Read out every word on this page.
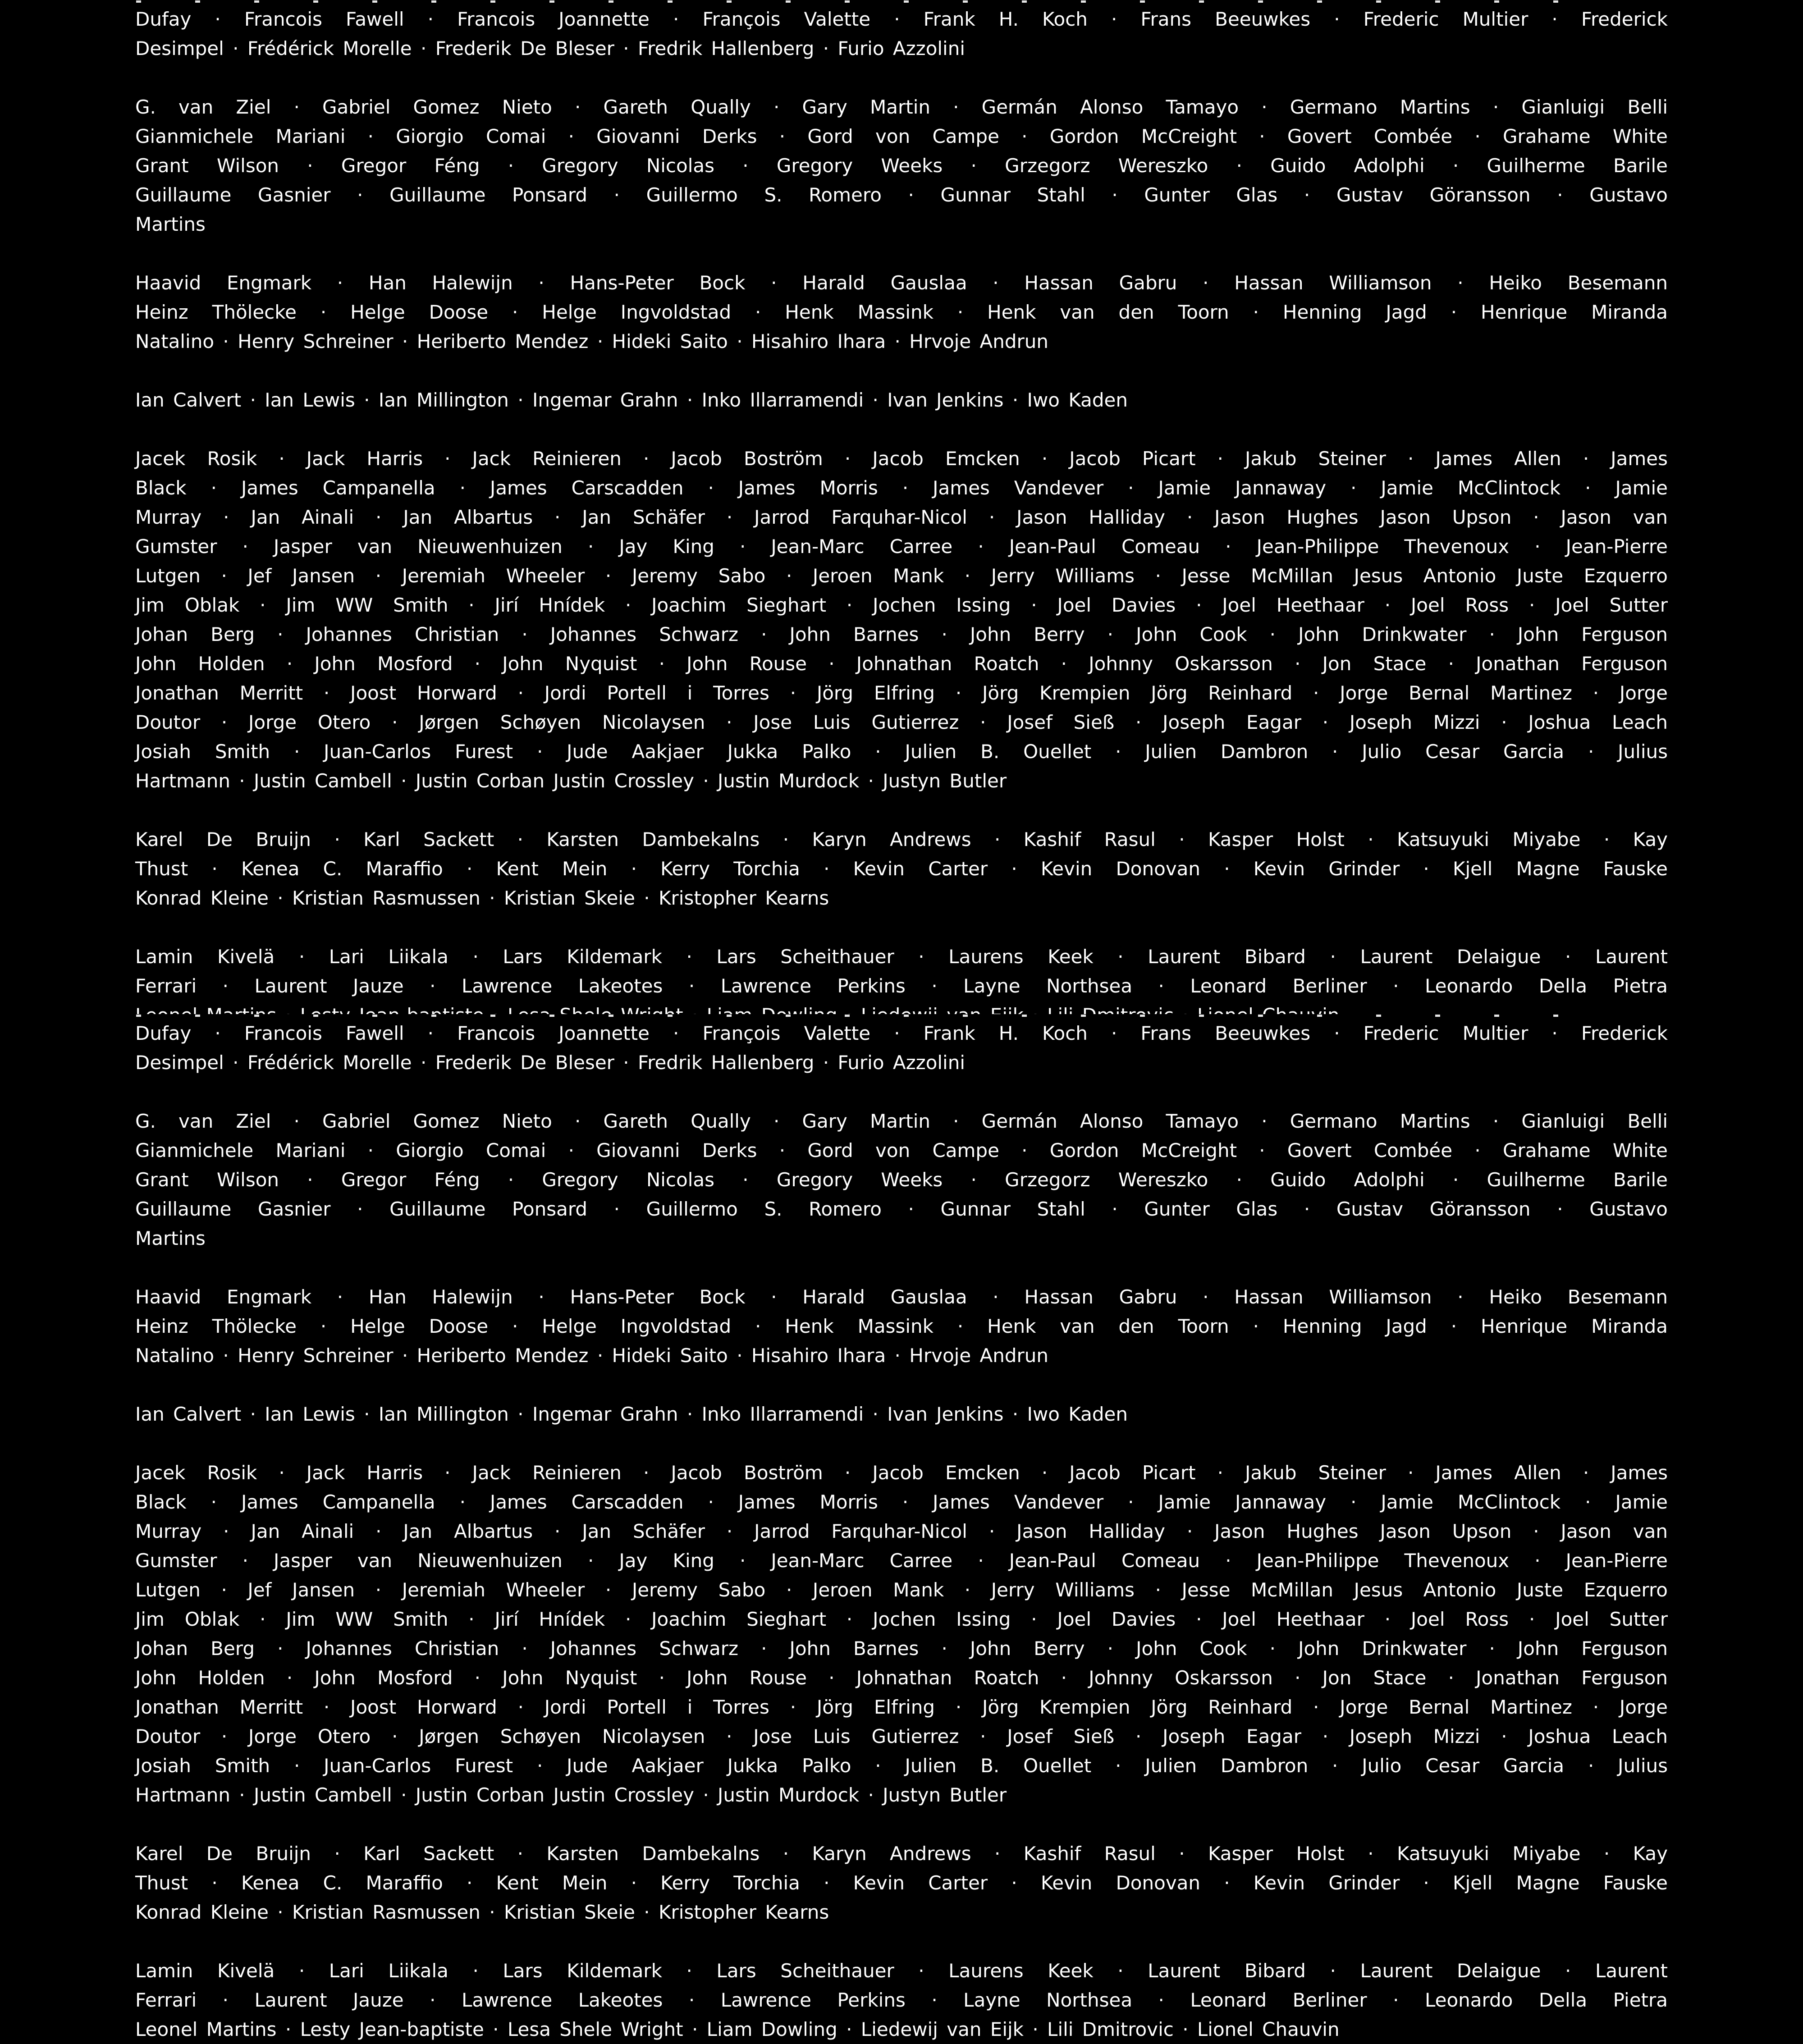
Dufay · Francois Fawell · Francois Joannette · François Valette · Frank H. Koch · Frans Beeuwkes · Frederic Multier · Frederick
Desimpel · Frédérick Morelle · Frederik De Bleser · Fredrik Hallenberg · Furio Azzolini
G. van Ziel · Gabriel Gomez Nieto · Gareth Qually · Gary Martin · Germán Alonso Tamayo · Germano Martins · Gianluigi Belli
Gianmichele Mariani · Giorgio Comai · Giovanni Derks · Gord von Campe · Gordon McCreight · Govert Combée · Grahame White
Grant Wilson · Gregor Féng · Gregory Nicolas · Gregory Weeks · Grzegorz Wereszko · Guido Adolphi · Guilherme Barile
Guillaume Gasnier · Guillaume Ponsard · Guillermo S. Romero · Gunnar Stahl · Gunter Glas · Gustav Göransson · Gustavo
Martins
Haavid Engmark · Han Halewijn · Hans-Peter Bock · Harald Gauslaa · Hassan Gabru · Hassan Williamson · Heiko Besemann
Heinz Thölecke · Helge Doose · Helge Ingvoldstad · Henk Massink · Henk van den Toorn · Henning Jagd · Henrique Miranda
Natalino · Henry Schreiner · Heriberto Mendez · Hideki Saito · Hisahiro Ihara · Hrvoje Andrun
Ian Calvert · Ian Lewis · Ian Millington · Ingemar Grahn · Inko Illarramendi · Ivan Jenkins · Iwo Kaden
Jacek Rosik · Jack Harris · Jack Reinieren · Jacob Boström · Jacob Emcken · Jacob Picart · Jakub Steiner · James Allen · James
Black · James Campanella · James Carscadden · James Morris · James Vandever · Jamie Jannaway · Jamie McClintock · Jamie
Murray · Jan Ainali · Jan Albartus · Jan Schäfer · Jarrod Farquhar-Nicol · Jason Halliday · Jason Hughes Jason Upson · Jason van
Gumster · Jasper van Nieuwenhuizen · Jay King · Jean-Marc Carree · Jean-Paul Comeau · Jean-Philippe Thevenoux · Jean-Pierre
Lutgen · Jef Jansen · Jeremiah Wheeler · Jeremy Sabo · Jeroen Mank · Jerry Williams · Jesse McMillan Jesus Antonio Juste Ezquerro
Jim Oblak · Jim WW Smith · Jirí Hnídek · Joachim Sieghart · Jochen Issing · Joel Davies · Joel Heethaar · Joel Ross · Joel Sutter
Johan Berg · Johannes Christian · Johannes Schwarz · John Barnes · John Berry · John Cook · John Drinkwater · John Ferguson
John Holden · John Mosford · John Nyquist · John Rouse · Johnathan Roatch · Johnny Oskarsson · Jon Stace · Jonathan Ferguson
Jonathan Merritt · Joost Horward · Jordi Portell i Torres · Jörg Elfring · Jörg Krempien Jörg Reinhard · Jorge Bernal Martinez · Jorge
Doutor · Jorge Otero · Jørgen Schøyen Nicolaysen · Jose Luis Gutierrez · Josef Sieß · Joseph Eagar · Joseph Mizzi · Joshua Leach
Josiah Smith · Juan-Carlos Furest · Jude Aakjaer Jukka Palko · Julien B. Ouellet · Julien Dambron · Julio Cesar Garcia · Julius
Hartmann · Justin Cambell · Justin Corban Justin Crossley · Justin Murdock · Justyn Butler
Karel De Bruijn · Karl Sackett · Karsten Dambekalns · Karyn Andrews · Kashif Rasul · Kasper Holst · Katsuyuki Miyabe · Kay
Thust · Kenea C. Maraffio · Kent Mein · Kerry Torchia · Kevin Carter · Kevin Donovan · Kevin Grinder · Kjell Magne Fauske
Konrad Kleine · Kristian Rasmussen · Kristian Skeie · Kristopher Kearns
Lamin Kivelä · Lari Liikala · Lars Kildemark · Lars Scheithauer · Laurens Keek · Laurent Bibard · Laurent Delaigue · Laurent
Ferrari · Laurent Jauze · Lawrence Lakeotes · Lawrence Perkins · Layne Northsea · Leonard Berliner · Leonardo Della Pietra
Dufay · Francois Fawell · Francois Joannette · François Valette · Frank H. Koch · Frans Beeuwkes · Frederic Multier · Frederick
Desimpel · Frédérick Morelle · Frederik De Bleser · Fredrik Hallenberg · Furio Azzolini
G. van Ziel · Gabriel Gomez Nieto · Gareth Qually · Gary Martin · Germán Alonso Tamayo · Germano Martins · Gianluigi Belli
Gianmichele Mariani · Giorgio Comai · Giovanni Derks · Gord von Campe · Gordon McCreight · Govert Combée · Grahame White
Grant Wilson · Gregor Féng · Gregory Nicolas · Gregory Weeks · Grzegorz Wereszko · Guido Adolphi · Guilherme Barile
Guillaume Gasnier · Guillaume Ponsard · Guillermo S. Romero · Gunnar Stahl · Gunter Glas · Gustav Göransson · Gustavo
Martins
Haavid Engmark · Han Halewijn · Hans-Peter Bock · Harald Gauslaa · Hassan Gabru · Hassan Williamson · Heiko Besemann
Heinz Thölecke · Helge Doose · Helge Ingvoldstad · Henk Massink · Henk van den Toorn · Henning Jagd · Henrique Miranda
Natalino · Henry Schreiner · Heriberto Mendez · Hideki Saito · Hisahiro Ihara · Hrvoje Andrun
Ian Calvert · Ian Lewis · Ian Millington · Ingemar Grahn · Inko Illarramendi · Ivan Jenkins · Iwo Kaden
Jacek Rosik · Jack Harris · Jack Reinieren · Jacob Boström · Jacob Emcken · Jacob Picart · Jakub Steiner · James Allen · James
Black · James Campanella · James Carscadden · James Morris · James Vandever · Jamie Jannaway · Jamie McClintock · Jamie
Murray · Jan Ainali · Jan Albartus · Jan Schäfer · Jarrod Farquhar-Nicol · Jason Halliday · Jason Hughes Jason Upson · Jason van
Gumster · Jasper van Nieuwenhuizen · Jay King · Jean-Marc Carree · Jean-Paul Comeau · Jean-Philippe Thevenoux · Jean-Pierre
Lutgen · Jef Jansen · Jeremiah Wheeler · Jeremy Sabo · Jeroen Mank · Jerry Williams · Jesse McMillan Jesus Antonio Juste Ezquerro
Jim Oblak · Jim WW Smith · Jirí Hnídek · Joachim Sieghart · Jochen Issing · Joel Davies · Joel Heethaar · Joel Ross · Joel Sutter
Johan Berg · Johannes Christian · Johannes Schwarz · John Barnes · John Berry · John Cook · John Drinkwater · John Ferguson
John Holden · John Mosford · John Nyquist · John Rouse · Johnathan Roatch · Johnny Oskarsson · Jon Stace · Jonathan Ferguson
Jonathan Merritt · Joost Horward · Jordi Portell i Torres · Jörg Elfring · Jörg Krempien Jörg Reinhard · Jorge Bernal Martinez · Jorge
Doutor · Jorge Otero · Jørgen Schøyen Nicolaysen · Jose Luis Gutierrez · Josef Sieß · Joseph Eagar · Joseph Mizzi · Joshua Leach
Josiah Smith · Juan-Carlos Furest · Jude Aakjaer Jukka Palko · Julien B. Ouellet · Julien Dambron · Julio Cesar Garcia · Julius
Hartmann · Justin Cambell · Justin Corban Justin Crossley · Justin Murdock · Justyn Butler
Karel De Bruijn · Karl Sackett · Karsten Dambekalns · Karyn Andrews · Kashif Rasul · Kasper Holst · Katsuyuki Miyabe · Kay
Thust · Kenea C. Maraffio · Kent Mein · Kerry Torchia · Kevin Carter · Kevin Donovan · Kevin Grinder · Kjell Magne Fauske
Konrad Kleine · Kristian Rasmussen · Kristian Skeie · Kristopher Kearns
Lamin Kivelä · Lari Liikala · Lars Kildemark · Lars Scheithauer · Laurens Keek · Laurent Bibard · Laurent Delaigue · Laurent
Ferrari · Laurent Jauze · Lawrence Lakeotes · Lawrence Perkins · Layne Northsea · Leonard Berliner · Leonardo Della Pietra
Leonel Martins · Lesty Jean-baptiste · Lesa Shele Wright · Liam Dowling · Liedewij van Eijk · Lili Dmitrovic · Lionel Chauvin
